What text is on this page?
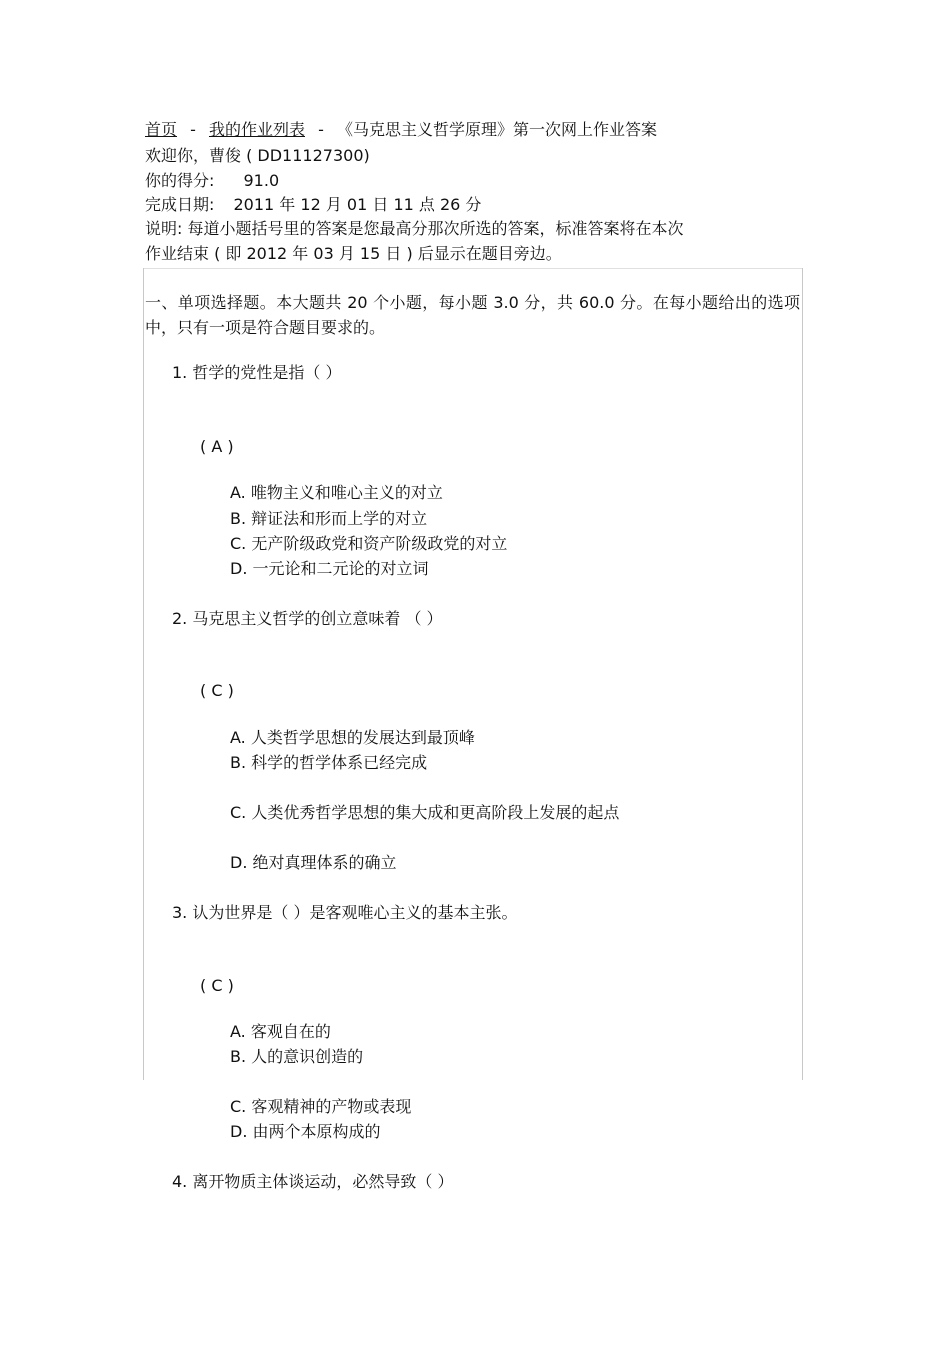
首页 - 我的作业列表 - 《马克思主义哲学原理》第一次网上作业答案
欢迎你，曹俊 ( DD11127300)
你的得分: 91.0
完成日期: 2011 年 12 月 01 日 11 点 26 分
说明: 每道小题括号里的答案是您最高分那次所选的答案，标准答案将在本次
作业结束 ( 即 2012 年 03 月 15 日 ) 后显示在题目旁边。
一、单项选择题。本大题共 20 个小题，每小题 3.0 分，共 60.0 分。在每小题给出的选项中，只有一项是符合题目要求的。
1. 哲学的党性是指（ ）
( A )
A. 唯物主义和唯心主义的对立
B. 辩证法和形而上学的对立
C. 无产阶级政党和资产阶级政党的对立
D. 一元论和二元论的对立词
2. 马克思主义哲学的创立意味着 （ ）
( C )
A. 人类哲学思想的发展达到最顶峰
B. 科学的哲学体系已经完成
C. 人类优秀哲学思想的集大成和更高阶段上发展的起点
D. 绝对真理体系的确立
3. 认为世界是（ ）是客观唯心主义的基本主张。
( C )
A. 客观自在的
B. 人的意识创造的
C. 客观精神的产物或表现
D. 由两个本原构成的
4. 离开物质主体谈运动，必然导致（ ）
